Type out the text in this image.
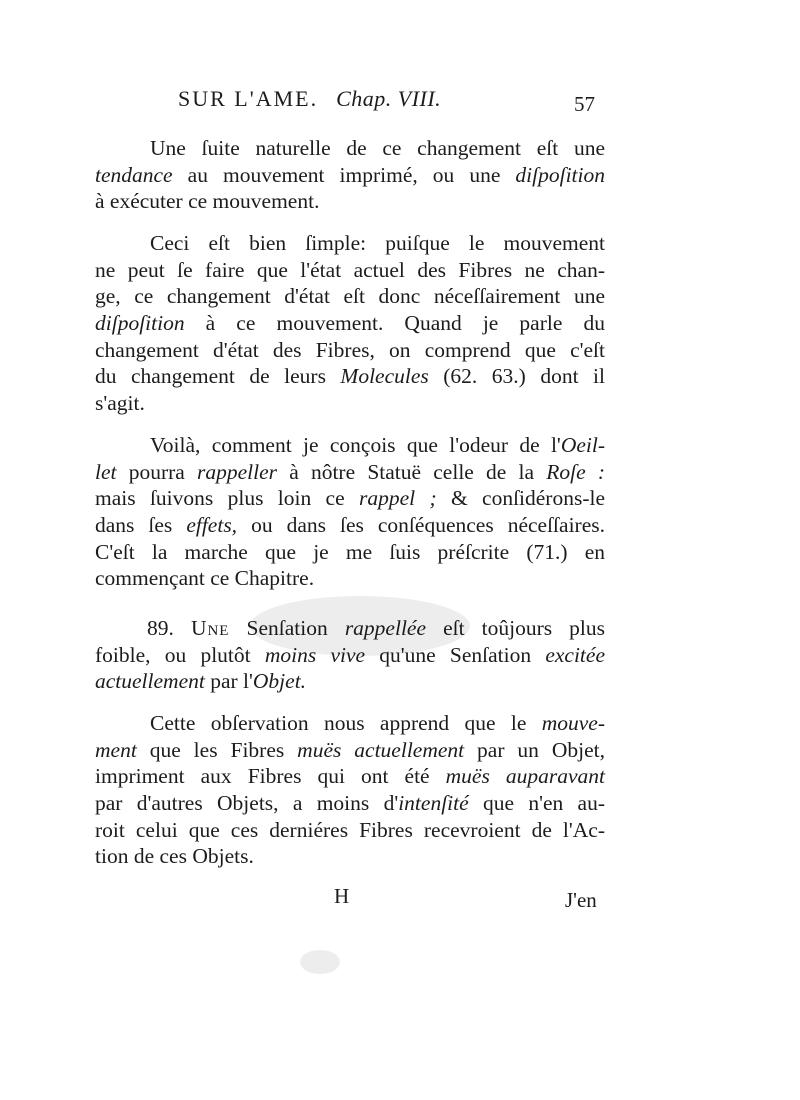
SUR L'AME. Chap. VIII.	57
Une ſuite naturelle de ce changement eſt une
tendance au mouvement imprimé, ou une diſpoſition
à exécuter ce mouvement.
Ceci eſt bien ſimple: puiſque le mouvement
ne peut ſe faire que l'état actuel des Fibres ne chan-
ge, ce changement d'état eſt donc néceſſairement une
diſpoſition à ce mouvement. Quand je parle du
changement d'état des Fibres, on comprend que c'eſt
du changement de leurs Molecules (62. 63.) dont il
s'agit.
Voilà, comment je conçois que l'odeur de l'Oeil-
let pourra rappeller à nôtre Statuë celle de la Roſe :
mais ſuivons plus loin ce rappel ; & conſidérons-le
dans ſes effets, ou dans ſes conſéquences néceſſaires.
C'eſt la marche que je me ſuis préſcrite (71.) en
commençant ce Chapitre.
89. Une Senſation rappellée eſt toûjours plus
foible, ou plutôt moins vive qu'une Senſation excitée
actuellement par l'Objet.
Cette obſervation nous apprend que le mouve-
ment que les Fibres muës actuellement par un Objet,
impriment aux Fibres qui ont été muës auparavant
par d'autres Objets, a moins d'intenſité que n'en au-
roit celui que ces derniéres Fibres recevroient de l'Ac-
tion de ces Objets.
H	J'en
